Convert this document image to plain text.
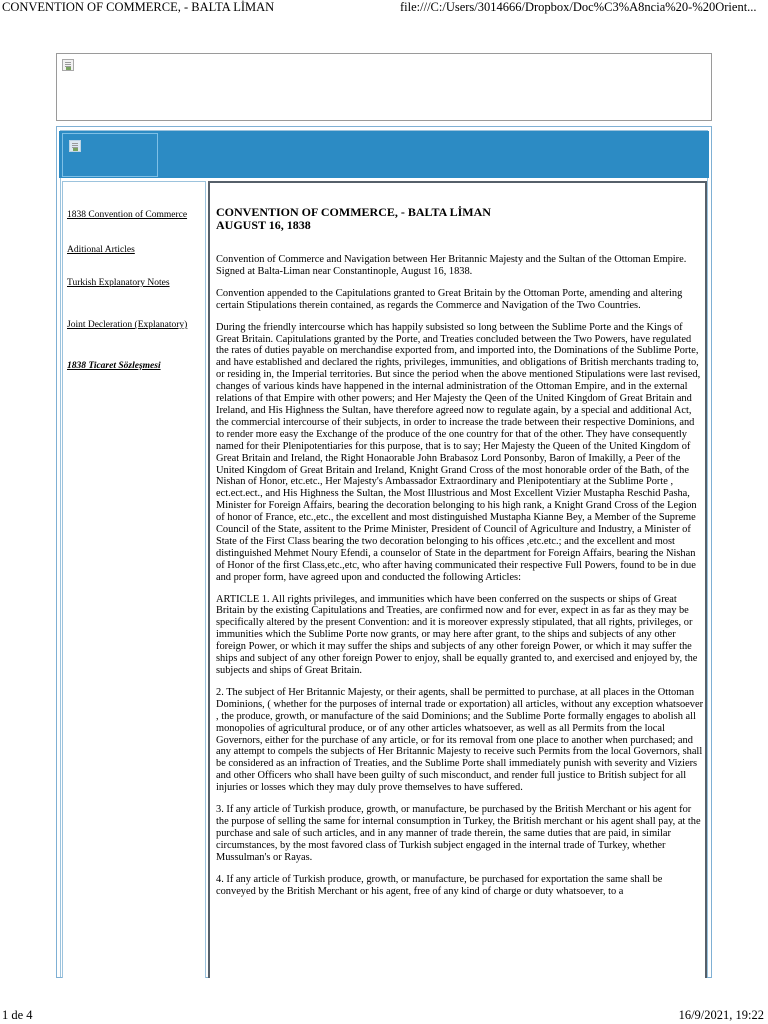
CONVENTION OF COMMERCE, - BALTA LİMAN	file:///C:/Users/3014666/Dropbox/Doc%C3%A8ncia%20-%20Orient...
1838 Convention of Commerce
Aditional Articles
Turkish Explanatory Notes
Joint Decleration (Explanatory)
1838 Ticaret Sözleşmesi
CONVENTION OF COMMERCE, - BALTA LİMAN
AUGUST 16, 1838

Convention of Commerce and Navigation between Her Britannic Majesty and the Sultan of the Ottoman Empire. Signed at Balta-Liman near Constantinople, August 16, 1838.

Convention appended to the Capitulations granted to Great Britain by the Ottoman Porte, amending and altering certain Stipulations therein contained, as regards the Commerce and Navigation of the Two Countries.

During the friendly intercourse which has happily subsisted so long between the Sublime Porte and the Kings of Great Britain. Capitulations granted by the Porte, and Treaties concluded between the Two Powers, have regulated the rates of duties payable on merchandise exported from, and imported into, the Dominations of the Sublime Porte, and have established and declared the rights, privileges, immunities, and obligations of British merchants trading to, or residing in, the Imperial territories. But since the period when the above mentioned Stipulations were last revised, changes of various kinds have happened in the internal administration of the Ottoman Empire, and in the external relations of that Empire with other powers; and Her Majesty the Qeen of the United Kingdom of Great Britain and Ireland, and His Highness the Sultan, have therefore agreed now to regulate again, by a special and additional Act, the commercial intercourse of their subjects, in order to increase the trade between their respective Dominions, and to render more easy the Exchange of the produce of the one country for that of the other. They have consequently named for their Plenipotentiaries for this purpose, that is to say; Her Majesty the Queen of the United Kingdom of Great Britain and Ireland, the Right Honaorable John Brabasoz Lord Ponsonby, Baron of Imakilly, a Peer of the United Kingdom of Great Britain and Ireland, Knight Grand Cross of the most honorable order of the Bath, of the Nishan of Honor, etc.etc., Her Majesty's Ambassador Extraordinary and Plenipotentiary at the Sublime Porte , ect.ect.ect., and His Highness the Sultan, the Most Illustrious and Most Excellent Vizier Mustapha Reschid Pasha, Minister for Foreign Affairs, bearing the decoration belonging to his high rank, a Knight Grand Cross of the Legion of honor of France, etc.,etc., the excellent and most distinguished Mustapha Kianne Bey, a Member of the Supreme Council of the State, assitent to the Prime Minister, President of Council of Agriculture and Industry, a Minister of State of the First Class bearing the two decoration belonging to his offices ,etc.etc.; and the excellent and most distinguished Mehmet Noury Efendi, a counselor of State in the department for Foreign Affairs, bearing the Nishan of Honor of the first Class,etc.,etc, who after having communicated their respective Full Powers, found to be in due and proper form, have agreed upon and conducted the following Articles:

ARTICLE 1. All rights privileges, and immunities which have been conferred on the suspects or ships of Great Britain by the existing Capitulations and Treaties, are confirmed now and for ever, expect in as far as they may be specifically altered by the present Convention: and it is moreover expressly stipulated, that all rights, privileges, or immunities which the Sublime Porte now grants, or may here after grant, to the ships and subjects of any other foreign Power, or which it may suffer the ships and subjects of any other foreign Power, or which it may suffer the ships and subject of any other foreign Power to enjoy, shall be equally granted to, and exercised and enjoyed by, the subjects and ships of Great Britain.

2. The subject of Her Britannic Majesty, or their agents, shall be permitted to purchase, at all places in the Ottoman Dominions, ( whether for the purposes of internal trade or exportation) all articles, without any exception whatsoever , the produce, growth, or manufacture of the said Dominions; and the Sublime Porte formally engages to abolish all monopolies of agricultural produce, or of any other articles whatsoever, as well as all Permits from the local Governors, either for the purchase of any article, or for its removal from one place to another when purchased; and any attempt to compels the subjects of Her Britannic Majesty to receive such Permits from the local Governors, shall be considered as an infraction of Treaties, and the Sublime Porte shall immediately punish with severity and Viziers and other Officers who shall have been guilty of such misconduct, and render full justice to British subject for all injuries or losses which they may duly prove themselves to have suffered.

3. If any article of Turkish produce, growth, or manufacture, be purchased by the British Merchant or his agent for the purpose of selling the same for internal consumption in Turkey, the British merchant or his agent shall pay, at the purchase and sale of such articles, and in any manner of trade therein, the same duties that are paid, in similar circumstances, by the most favored class of Turkish subject engaged in the internal trade of Turkey, whether Mussulman's or Rayas.

4. If any article of Turkish produce, growth, or manufacture, be purchased for exportation the same shall be conveyed by the British Merchant or his agent, free of any kind of charge or duty whatsoever, to a

1 de 4	16/9/2021, 19:22
